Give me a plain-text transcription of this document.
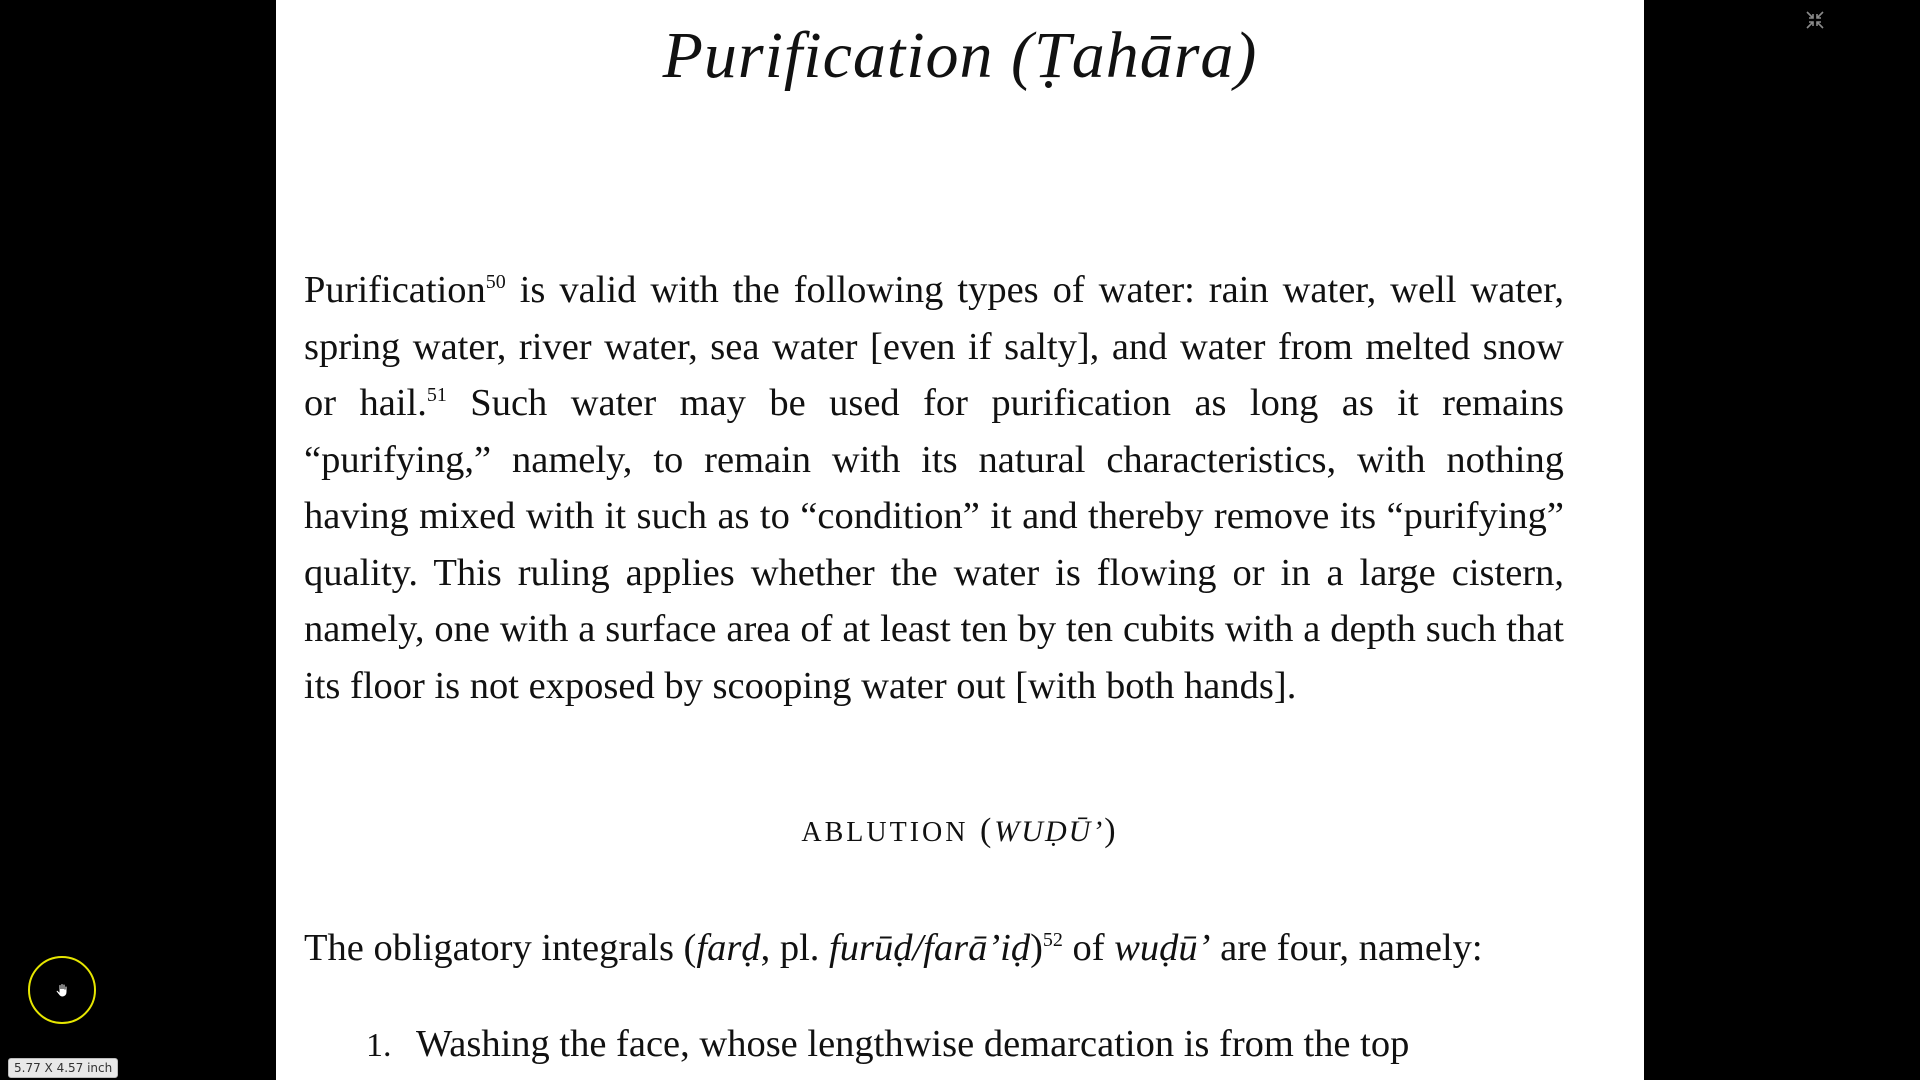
Purification (Ṭahāra)

Purification$^{50}$ is valid with the following types of water: rain water, well water, spring water, river water, sea water [even if salty], and water from melted snow or hail.$^{51}$ Such water may be used for purification as long as it remains “purifying,” namely, to remain with its natural characteristics, with nothing having mixed with it such as to “condition” it and thereby remove its “purifying” quality. This ruling applies whether the water is flowing or in a large cistern, namely, one with a surface area of at least ten by ten cubits with a depth such that its floor is not exposed by scooping water out [with both hands].

ABLUTION (WUḌŪ’)

The obligatory integrals (farḍ, pl. furūḍ/farā’iḍ)$^{52}$ of wuḍū’ are four, namely:

1. Washing the face, whose lengthwise demarcation is from the top
5.77 X 4.57 inch
